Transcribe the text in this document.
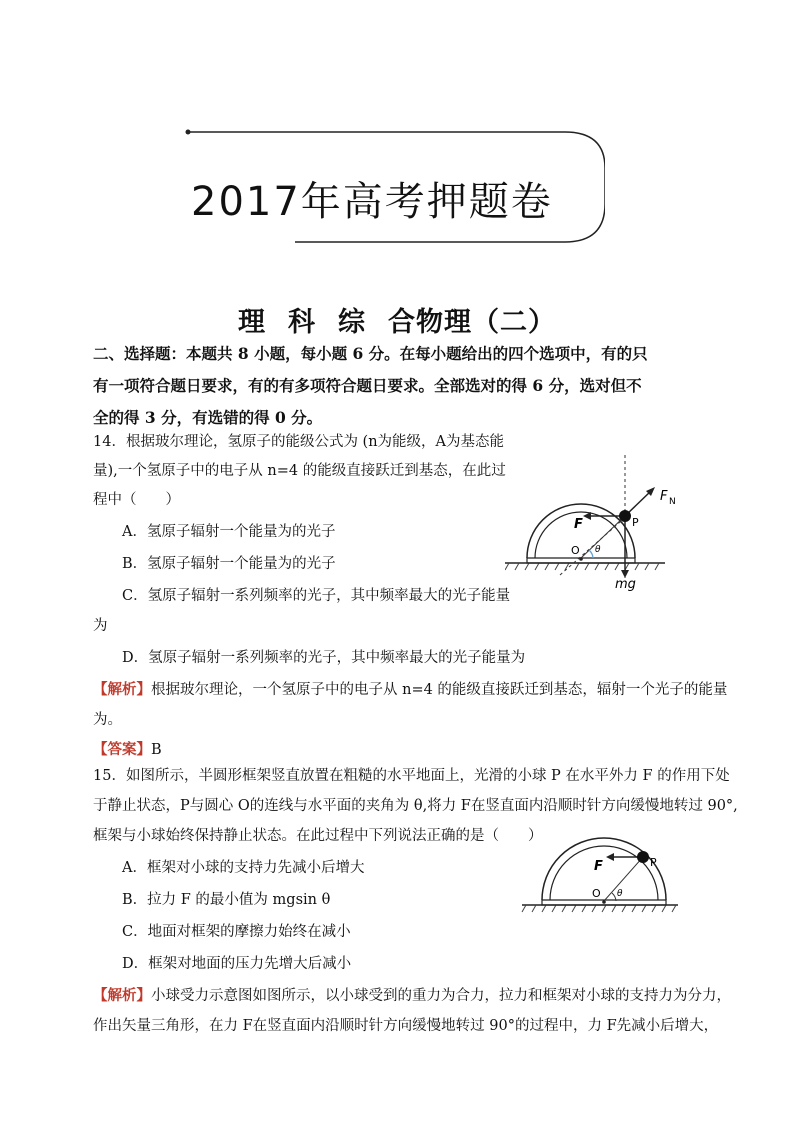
2017年高考押题卷
理 科 综 合物理（二）
二、选择题：本题共 8 小题，每小题 6 分。在每小题给出的四个选项中，有的只
有一项符合题日要求，有的有多项符合题日要求。全部选对的得 6 分，选对但不
全的得 3 分，有选错的得 0 分。
14．根据玻尔理论，氢原子的能级公式为 (n为能级，A为基态能
量),一个氢原子中的电子从 n=4 的能级直接跃迁到基态，在此过
程中（　　）
A．氢原子辐射一个能量为的光子
B．氢原子辐射一个能量为的光子
C．氢原子辐射一系列频率的光子，其中频率最大的光子能量
为
D．氢原子辐射一系列频率的光子，其中频率最大的光子能量为
【解析】根据玻尔理论，一个氢原子中的电子从 n=4 的能级直接跃迁到基态，辐射一个光子的能量
为。
【答案】B
F
F N
P
O θ
mg
15．如图所示，半圆形框架竖直放置在粗糙的水平地面上，光滑的小球 P 在水平外力 F 的作用下处
于静止状态，P与圆心 O的连线与水平面的夹角为 θ,将力 F在竖直面内沿顺时针方向缓慢地转过 90°,
框架与小球始终保持静止状态。在此过程中下列说法正确的是（　　）
A．框架对小球的支持力先减小后增大
B．拉力 F 的最小值为 mgsin θ
C．地面对框架的摩擦力始终在减小
D．框架对地面的压力先增大后减小
【解析】小球受力示意图如图所示，以小球受到的重力为合力，拉力和框架对小球的支持力为分力，
作出矢量三角形，在力 F在竖直面内沿顺时针方向缓慢地转过 90°的过程中，力 F先减小后增大，
F	P
O θ
